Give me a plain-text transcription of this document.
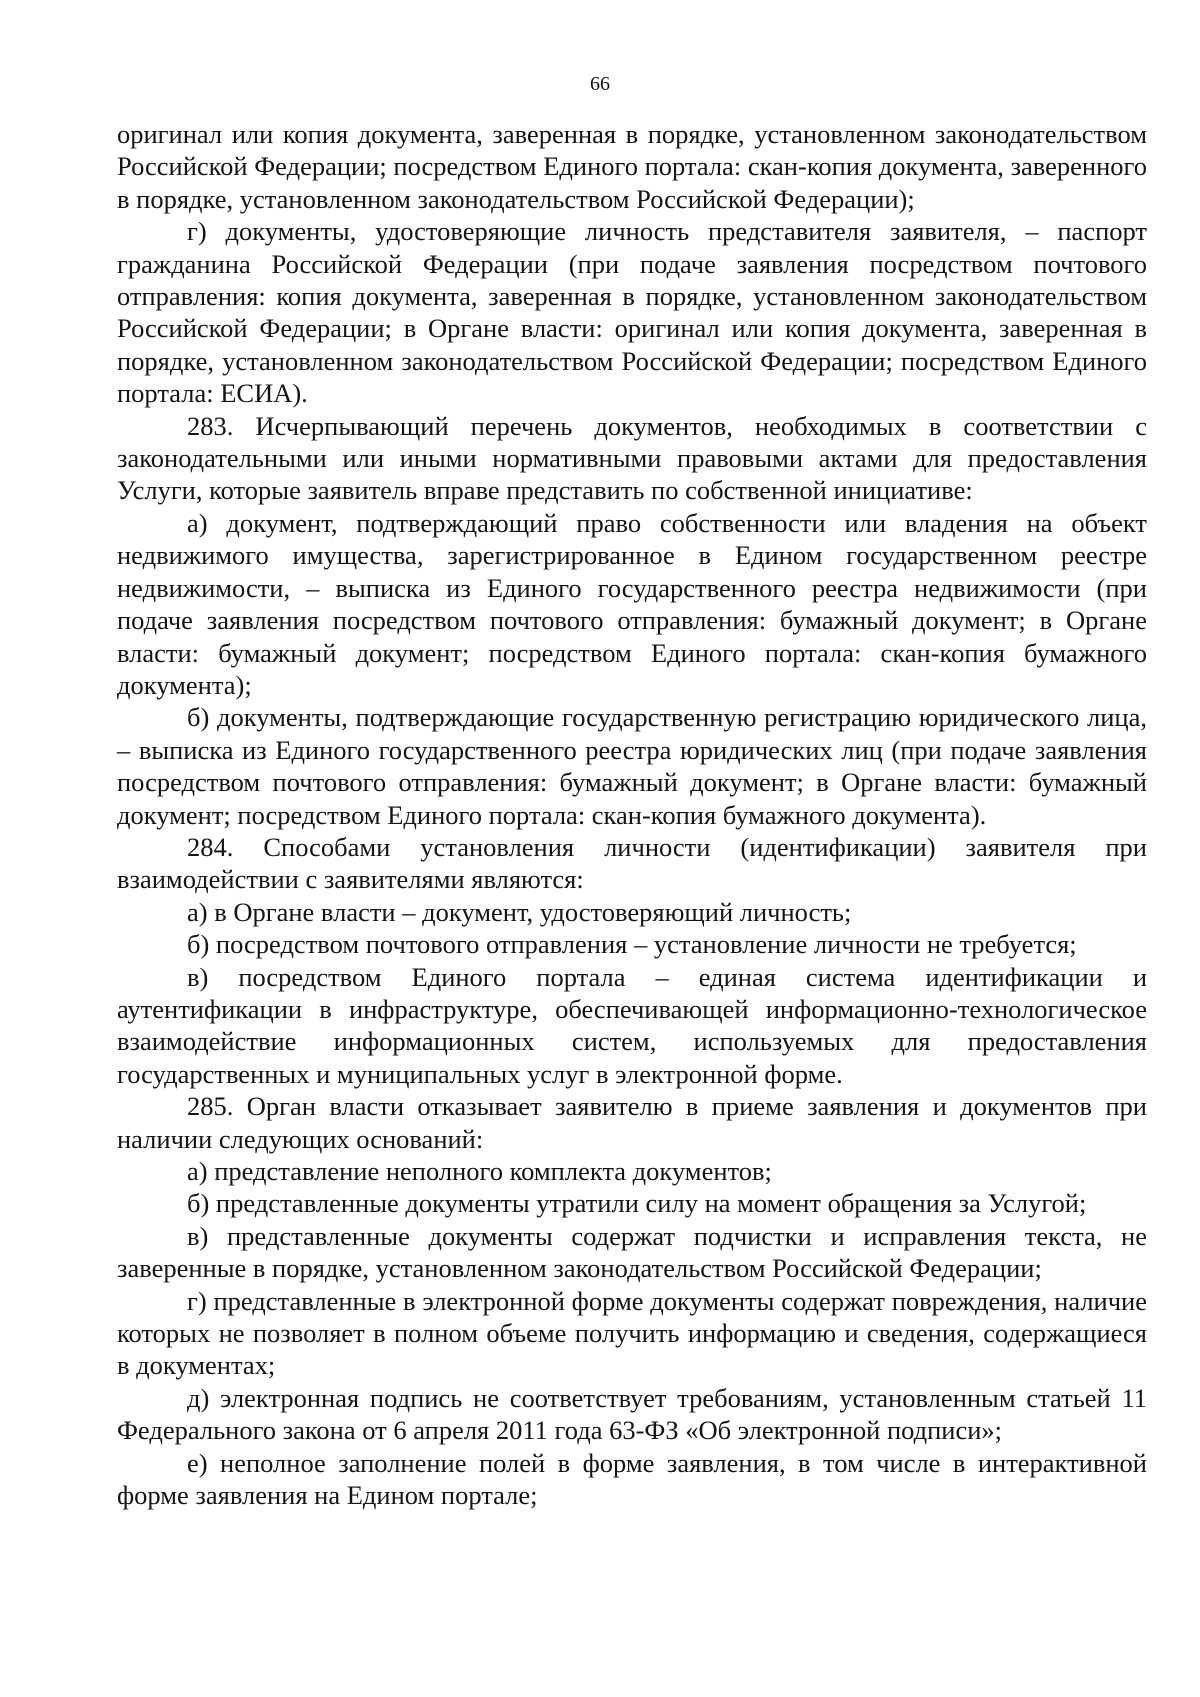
66

оригинал или копия документа, заверенная в порядке, установленном законодательством Российской Федерации; посредством Единого портала: скан-копия документа, заверенного в порядке, установленном законодательством Российской Федерации);

г) документы, удостоверяющие личность представителя заявителя, – паспорт гражданина Российской Федерации (при подаче заявления посредством почтового отправления: копия документа, заверенная в порядке, установленном законодательством Российской Федерации; в Органе власти: оригинал или копия документа, заверенная в порядке, установленном законодательством Российской Федерации; посредством Единого портала: ЕСИА).

283. Исчерпывающий перечень документов, необходимых в соответствии с законодательными или иными нормативными правовыми актами для предоставления Услуги, которые заявитель вправе представить по собственной инициативе:

а) документ, подтверждающий право собственности или владения на объект недвижимого имущества, зарегистрированное в Едином государственном реестре недвижимости, – выписка из Единого государственного реестра недвижимости (при подаче заявления посредством почтового отправления: бумажный документ; в Органе власти: бумажный документ; посредством Единого портала: скан-копия бумажного документа);

б) документы, подтверждающие государственную регистрацию юридического лица, – выписка из Единого государственного реестра юридических лиц (при подаче заявления посредством почтового отправления: бумажный документ; в Органе власти: бумажный документ; посредством Единого портала: скан-копия бумажного документа).

284. Способами установления личности (идентификации) заявителя при взаимодействии с заявителями являются:

а) в Органе власти – документ, удостоверяющий личность;

б) посредством почтового отправления – установление личности не требуется;

в) посредством Единого портала – единая система идентификации и аутентификации в инфраструктуре, обеспечивающей информационно-технологическое взаимодействие информационных систем, используемых для предоставления государственных и муниципальных услуг в электронной форме.

285. Орган власти отказывает заявителю в приеме заявления и документов при наличии следующих оснований:

а) представление неполного комплекта документов;

б) представленные документы утратили силу на момент обращения за Услугой;

в) представленные документы содержат подчистки и исправления текста, не заверенные в порядке, установленном законодательством Российской Федерации;

г) представленные в электронной форме документы содержат повреждения, наличие которых не позволяет в полном объеме получить информацию и сведения, содержащиеся в документах;

д) электронная подпись не соответствует требованиям, установленным статьей 11 Федерального закона от 6 апреля 2011 года 63-ФЗ «Об электронной подписи»;

е) неполное заполнение полей в форме заявления, в том числе в интерактивной форме заявления на Едином портале;
